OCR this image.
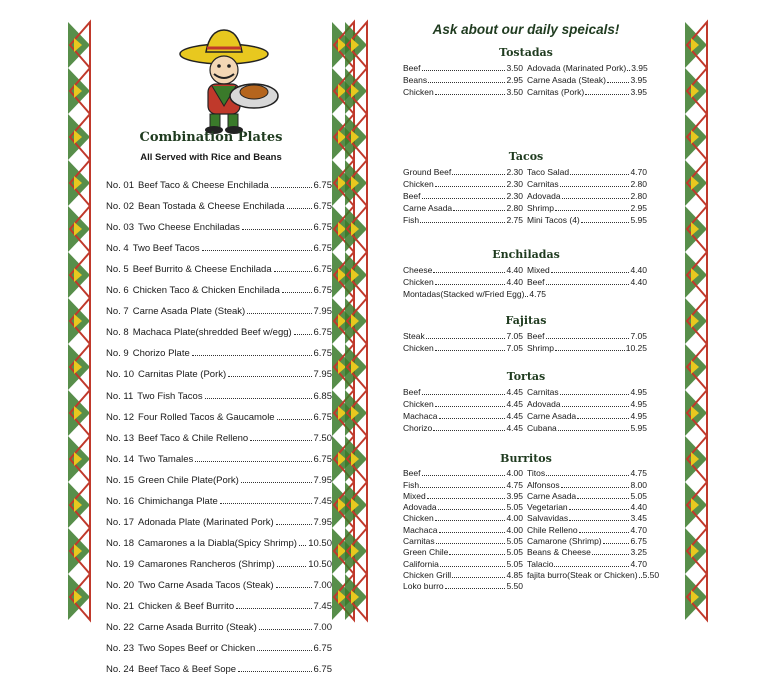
Combination Plates
All Served with Rice and Beans
No. 01 Beef Taco & Cheese Enchilada	6.75
No. 02 Bean Tostada & Cheese Enchilada	6.75
No. 03 Two Cheese Enchiladas	6.75
No. 4 Two Beef Tacos	6.75
No. 5 Beef Burrito & Cheese Enchilada	6.75
No. 6 Chicken Taco & Chicken Enchilada	6.75
No. 7 Carne Asada Plate (Steak)	7.95
No. 8 Machaca Plate(shredded Beef w/egg) 6.75
No. 9 Chorizo Plate	6.75
No. 10 Carnitas Plate (Pork)	7.95
No. 11 Two Fish Tacos	6.85
No. 12 Four Rolled Tacos & Gaucamole	6.75
No. 13 Beef Taco & Chile Relleno	7.50
No. 14 Two Tamales	6.75
No. 15 Green Chile Plate(Pork)	7.95
No. 16 Chimichanga Plate	7.45
No. 17 Adonada Plate (Marinated Pork)	7.95
No. 18 Camarones a la Diabla(Spicy Shrimp) 10.50
No. 19 Camarones Rancheros (Shrimp)	10.50
No. 20 Two Carne Asada Tacos (Steak)	7.00
No. 21 Chicken & Beef Burrito	7.45
No. 22 Carne Asada Burrito (Steak)	7.00
No. 23 Two Sopes Beef or Chicken	6.75
No. 24 Beef Taco & Beef Sope	6.75
Ask about our daily speicals!
Tostadas
Beef	3.50
Beans	2.95
Chicken	3.50
Adovada (Marinated Pork) 3.95
Carne Asada (Steak)	3.95
Carnitas (Pork)	3.95
Tacos
Ground Beef	2.30
Chicken	2.30
Beef	2.30
Carne Asada	2.80
Fish	2.75
Taco Salad	4.70
Carnitas	2.80
Adovada	2.80
Shrimp	2.95
Mini Tacos (4)	5.95
Enchiladas
Cheese	4.40
Chicken	4.40
Montadas(Stacked w/Fried Egg) 4.75
Mixed	4.40
Beef	4.40
Fajitas
Steak	7.05
Chicken	7.05
Beef	7.05
Shrimp	10.25
Tortas
Beef	4.45
Chicken	4.45
Machaca	4.45
Chorizo	4.45
Carnitas	4.95
Adovada	4.95
Carne Asada	4.95
Cubana	5.95
Burritos
Beef	4.00
Fish	4.75
Mixed	3.95
Adovada	5.05
Chicken	4.00
Machaca	4.00
Carnitas	5.05
Green Chile	5.05
California	5.05
Chicken Grill	4.85
Loko burro	5.50
Titos	4.75
Alfonsos	8.00
Carne Asada	5.05
Vegetarian	4.40
Salvavidas	3.45
Chile Relleno	4.70
Camarone (Shrimp)	6.75
Beans & Cheese	3.25
Talacio	4.70
fajita burro(Steak or Chicken) 5.50
